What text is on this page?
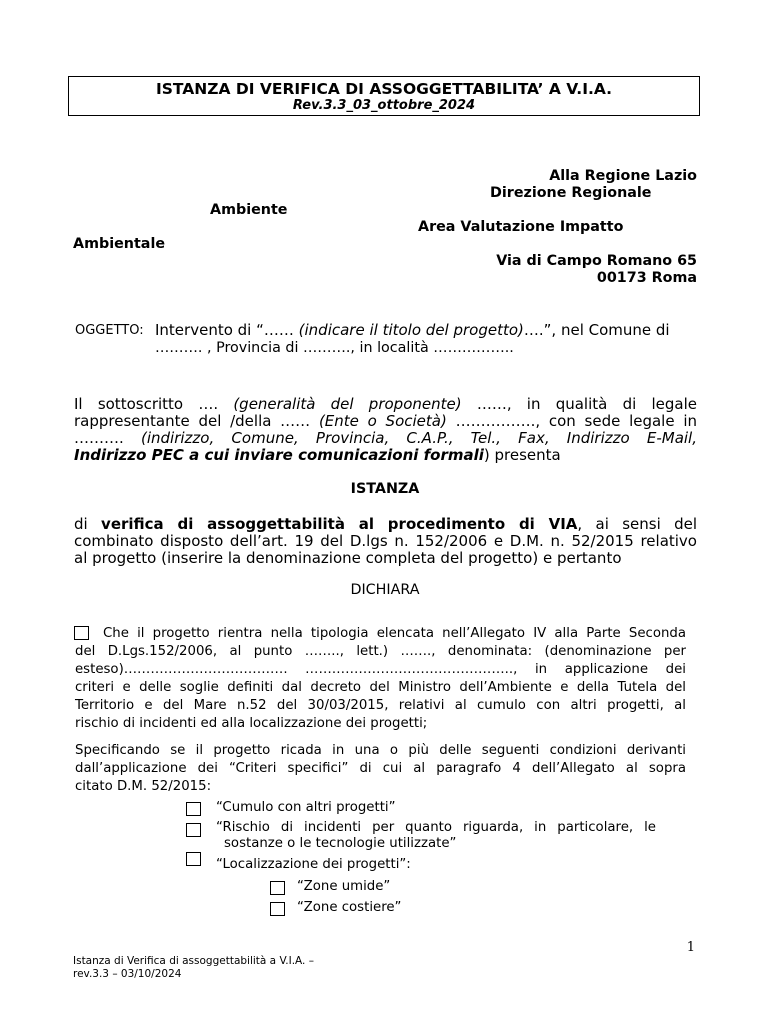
ISTANZA DI VERIFICA DI ASSOGGETTABILITA’ A V.I.A.
Rev.3.3_03_ottobre_2024
Alla Regione Lazio
Direzione Regionale
Ambiente
Area Valutazione Impatto
Ambientale
Via di Campo Romano 65
00173 Roma
OGGETTO: Intervento di “…… (indicare il titolo del progetto)….”, nel Comune di
………. , Provincia di ………., in località ……………..
Il sottoscritto …. (generalità del proponente) ……, in qualità di legale
rappresentante del /della …… (Ente o Società) ……………., con sede legale in
………. (indirizzo, Comune, Provincia, C.A.P., Tel., Fax, Indirizzo E-Mail,
Indirizzo PEC a cui inviare comunicazioni formali) presenta
ISTANZA
di verifica di assoggettabilità al procedimento di VIA, ai sensi del
combinato disposto dell’art. 19 del D.lgs n. 152/2006 e D.M. n. 52/2015 relativo
al progetto (inserire la denominazione completa del progetto) e pertanto
DICHIARA
Che il progetto rientra nella tipologia elencata nell’Allegato IV alla Parte Seconda
del D.Lgs.152/2006, al punto …….., lett.) ……., denominata: (denominazione per
esteso)………………………………. ……………………………………….., in applicazione dei
criteri e delle soglie definiti dal decreto del Ministro dell’Ambiente e della Tutela del
Territorio e del Mare n.52 del 30/03/2015, relativi al cumulo con altri progetti, al
rischio di incidenti ed alla localizzazione dei progetti;
Specificando se il progetto ricada in una o più delle seguenti condizioni derivanti
dall’applicazione dei “Criteri specifici” di cui al paragrafo 4 dell’Allegato al sopra
citato D.M. 52/2015:
“Cumulo con altri progetti”
“Rischio di incidenti per quanto riguarda, in particolare, le
sostanze o le tecnologie utilizzate”
“Localizzazione dei progetti”:
“Zone umide”
“Zone costiere”
1
Istanza di Verifica di assoggettabilità a V.I.A. –
rev.3.3 – 03/10/2024
